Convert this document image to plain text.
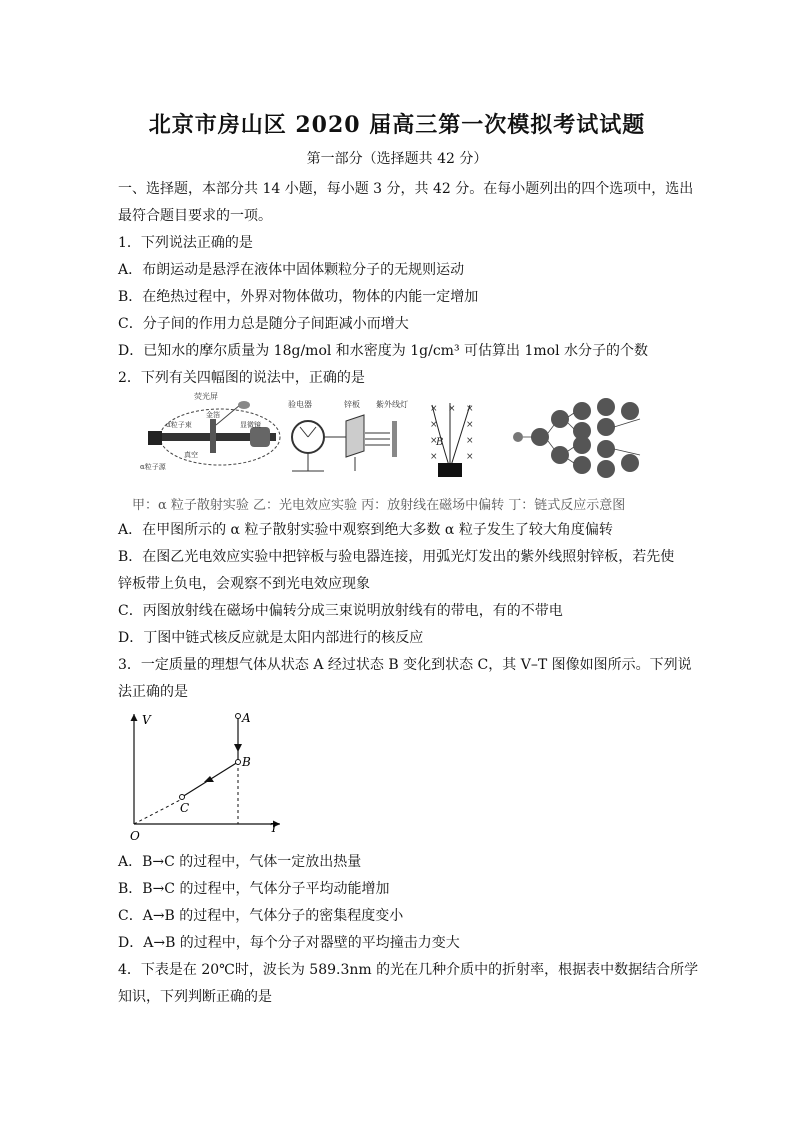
北京市房山区 2020 届高三第一次模拟考试试题
第一部分（选择题共 42 分）
一、选择题，本部分共 14 小题，每小题 3 分，共 42 分。在每小题列出的四个选项中，选出
最符合题目要求的一项。
1．下列说法正确的是
A．布朗运动是悬浮在液体中固体颗粒分子的无规则运动
B．在绝热过程中，外界对物体做功，物体的内能一定增加
C．分子间的作用力总是随分子间距减小而增大
D．已知水的摩尔质量为 18g/mol 和水密度为 1g/cm³ 可估算出 1mol 水分子的个数
2．下列有关四幅图的说法中，正确的是
荧光屏
α粒子束
金箔
真空
α粒子源
显微镜
验电器	锌板 紫外线灯 × × ×
×	×
×	×
×	×
B
甲：α 粒子散射实验 乙：光电效应实验 丙：放射线在磁场中偏转 丁：链式反应示意图
A．在甲图所示的 α 粒子散射实验中观察到绝大多数 α 粒子发生了较大角度偏转
B．在图乙光电效应实验中把锌板与验电器连接，用弧光灯发出的紫外线照射锌板，若先使
锌板带上负电，会观察不到光电效应现象
C．丙图放射线在磁场中偏转分成三束说明放射线有的带电，有的不带电
D．丁图中链式核反应就是太阳内部进行的核反应
3．一定质量的理想气体从状态 A 经过状态 B 变化到状态 C，其 V–T 图像如图所示。下列说
法正确的是
V
T
O
A
B
C
A．B→C 的过程中，气体一定放出热量
B．B→C 的过程中，气体分子平均动能增加
C．A→B 的过程中，气体分子的密集程度变小
D．A→B 的过程中，每个分子对器壁的平均撞击力变大
4．下表是在 20℃时，波长为 589.3nm 的光在几种介质中的折射率，根据表中数据结合所学
知识，下列判断正确的是
